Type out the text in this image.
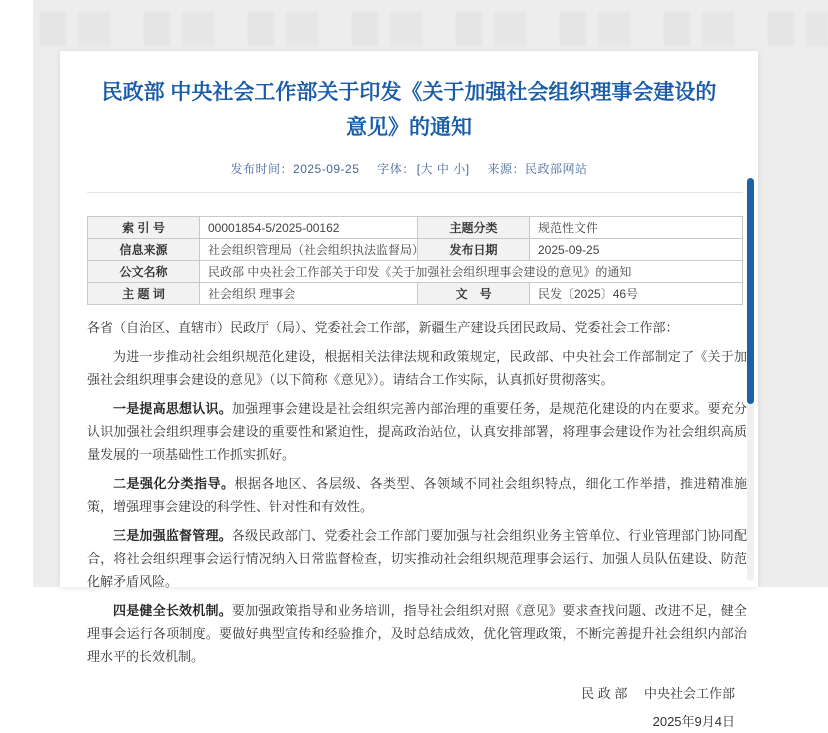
民政部 中央社会工作部关于印发《关于加强社会组织理事会建设的意见》的通知
发布时间：2025-09-25 字体： [大 中 小] 来源：民政部网站
索 引 号	00001854-5/2025-00162	主题分类	规范性文件
信息来源	社会组织管理局（社会组织执法监督局）	发布日期	2025-09-25
公文名称	民政部 中央社会工作部关于印发《关于加强社会组织理事会建设的意见》的通知		
主 题 词	社会组织 理事会	文　号	民发〔2025〕46号

各省（自治区、直辖市）民政厅（局）、党委社会工作部，新疆生产建设兵团民政局、党委社会工作部：

为进一步推动社会组织规范化建设，根据相关法律法规和政策规定，民政部、中央社会工作部制定了《关于加强社会组织理事会建设的意见》（以下简称《意见》）。请结合工作实际，认真抓好贯彻落实。

一是提高思想认识。加强理事会建设是社会组织完善内部治理的重要任务，是规范化建设的内在要求。要充分认识加强社会组织理事会建设的重要性和紧迫性，提高政治站位，认真安排部署，将理事会建设作为社会组织高质量发展的一项基础性工作抓实抓好。

二是强化分类指导。根据各地区、各层级、各类型、各领域不同社会组织特点，细化工作举措，推进精准施策，增强理事会建设的科学性、针对性和有效性。

三是加强监督管理。各级民政部门、党委社会工作部门要加强与社会组织业务主管单位、行业管理部门协同配合，将社会组织理事会运行情况纳入日常监督检查，切实推动社会组织规范理事会运行、加强人员队伍建设、防范化解矛盾风险。

四是健全长效机制。要加强政策指导和业务培训，指导社会组织对照《意见》要求查找问题、改进不足，健全理事会运行各项制度。要做好典型宣传和经验推介，及时总结成效，优化管理政策，不断完善提升社会组织内部治理水平的长效机制。

民 政 部　 中央社会工作部
2025年9月4日
